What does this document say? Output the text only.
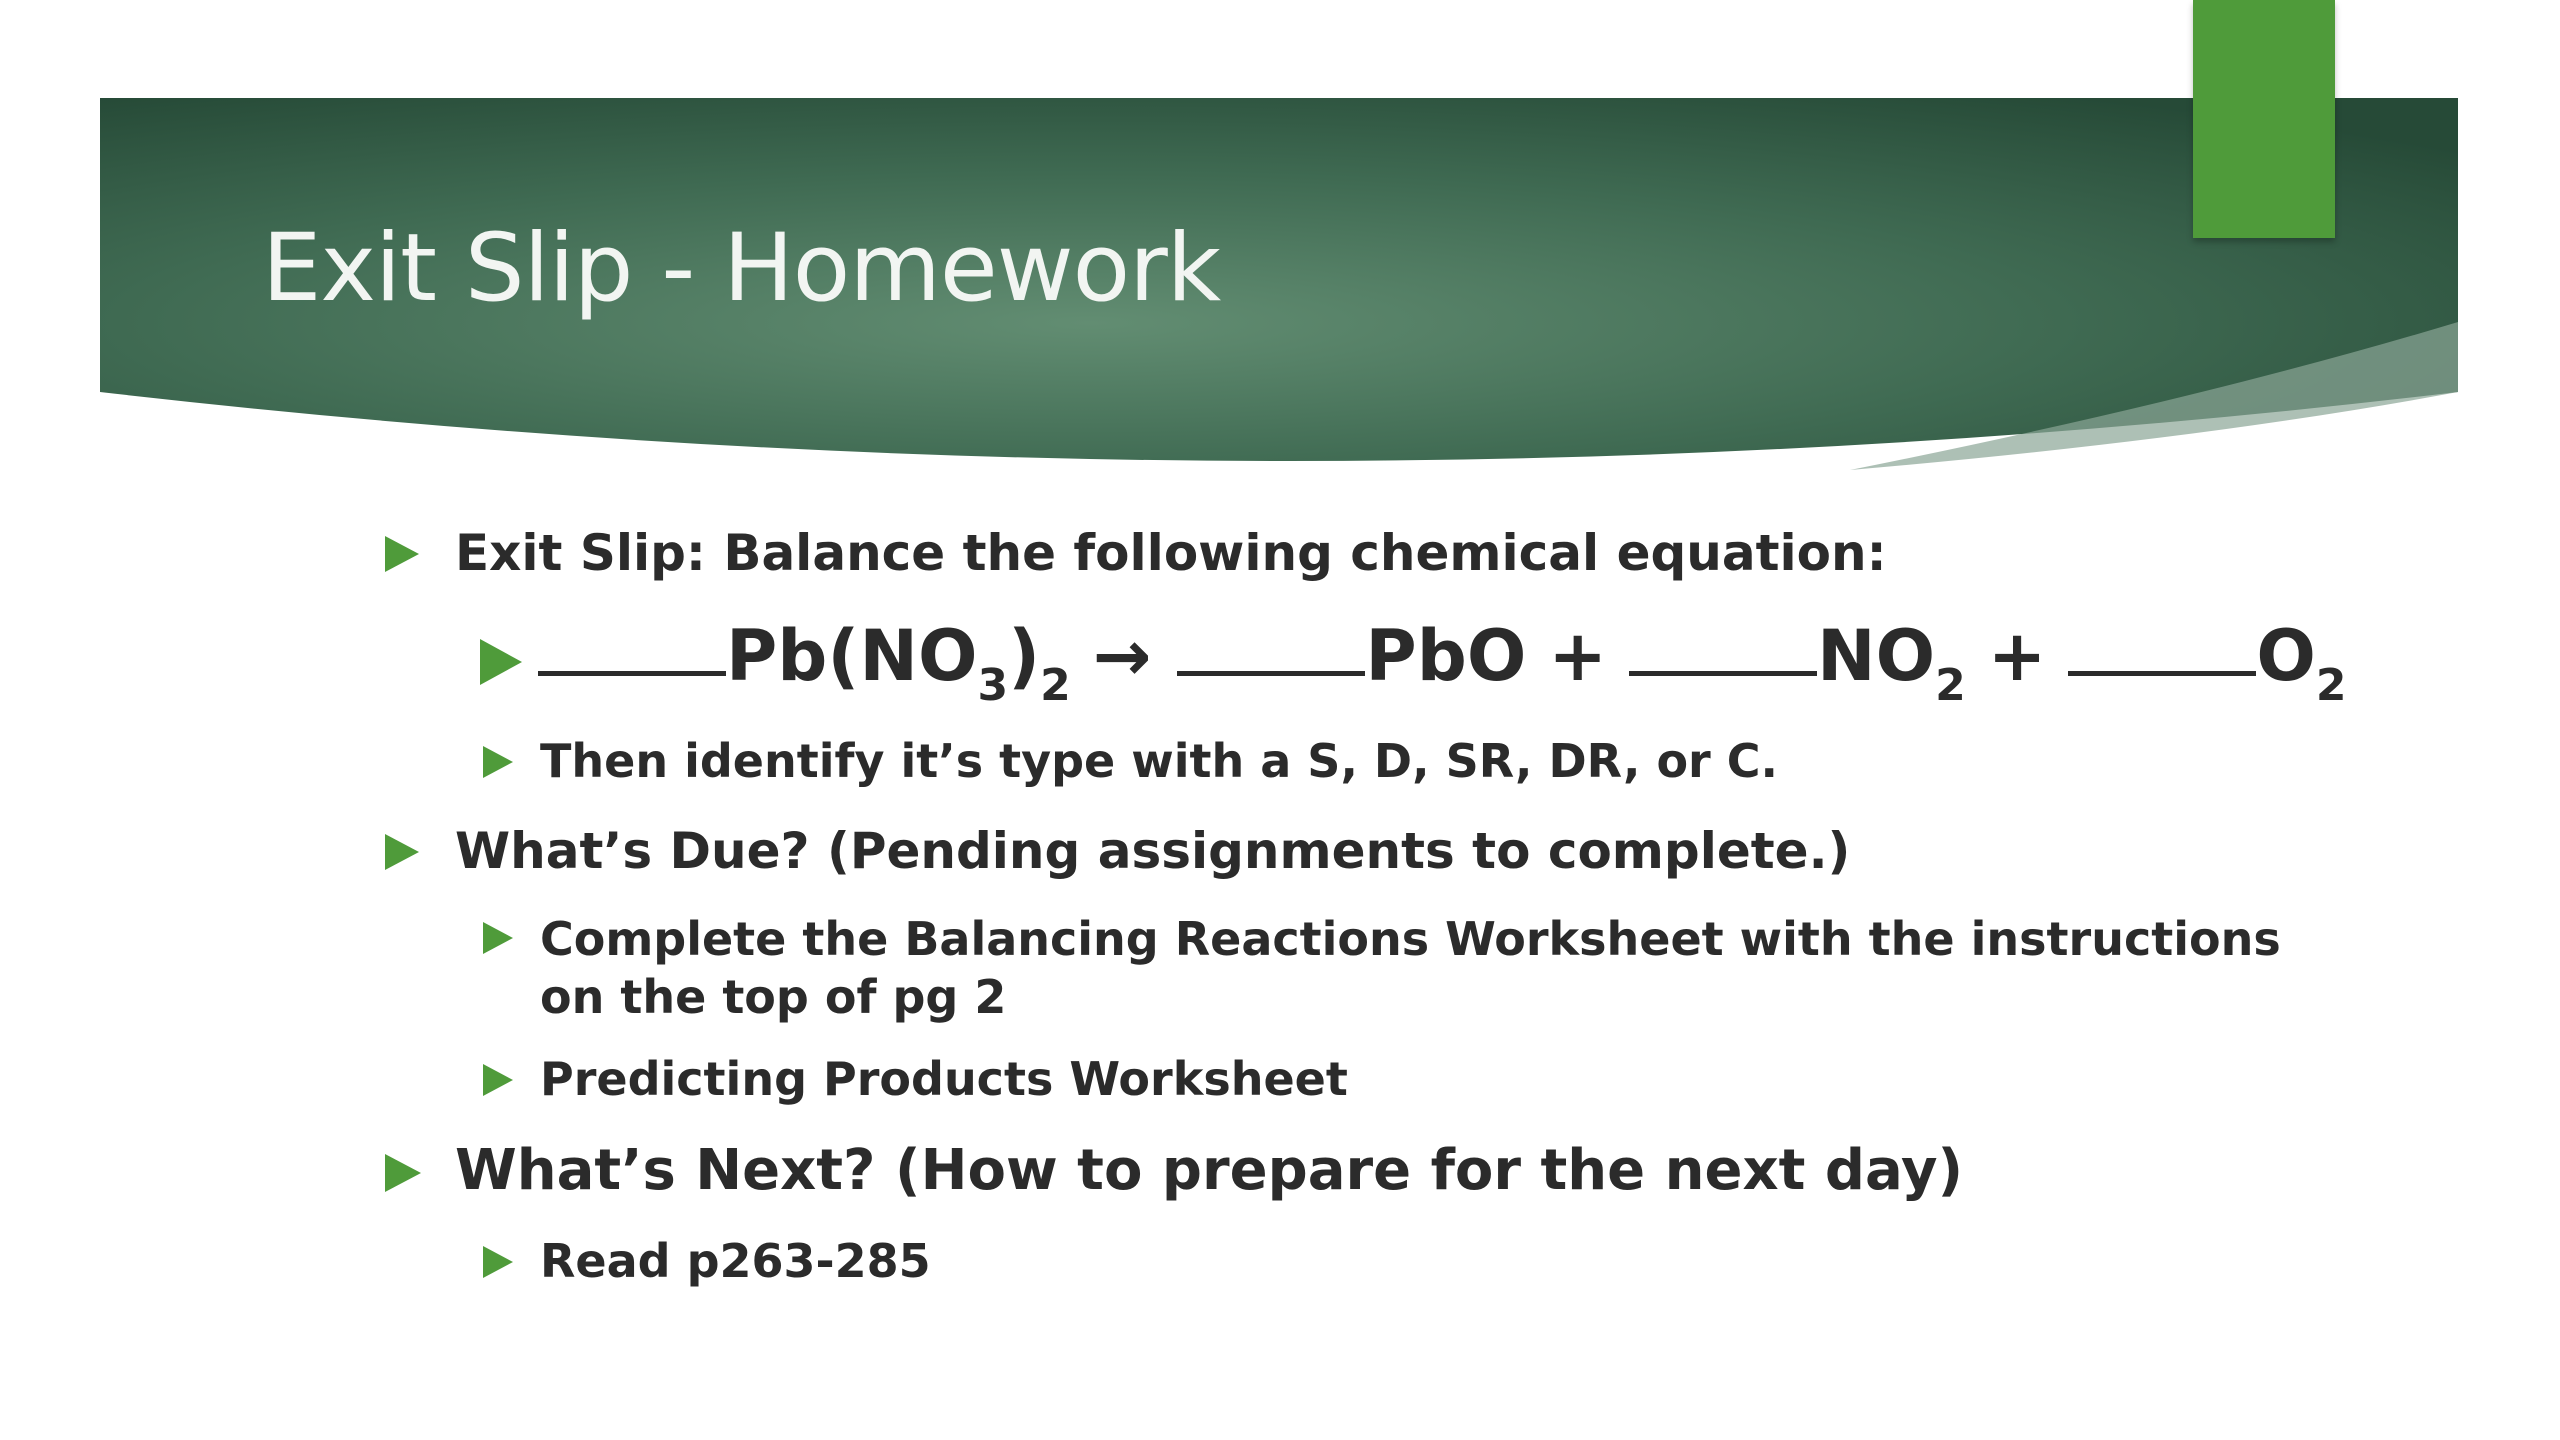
Exit Slip - Homework
Exit Slip: Balance the following chemical equation:
Pb(NO 3 ) 2 →	PbO +	NO 2 +	O 2
Then identify it’s type with a S, D, SR, DR, or C.
What’s Due? (Pending assignments to complete.)
Complete the Balancing Reactions Worksheet with the instructions on the top of pg 2
Predicting Products Worksheet
What’s Next? (How to prepare for the next day)
Read p263-285
